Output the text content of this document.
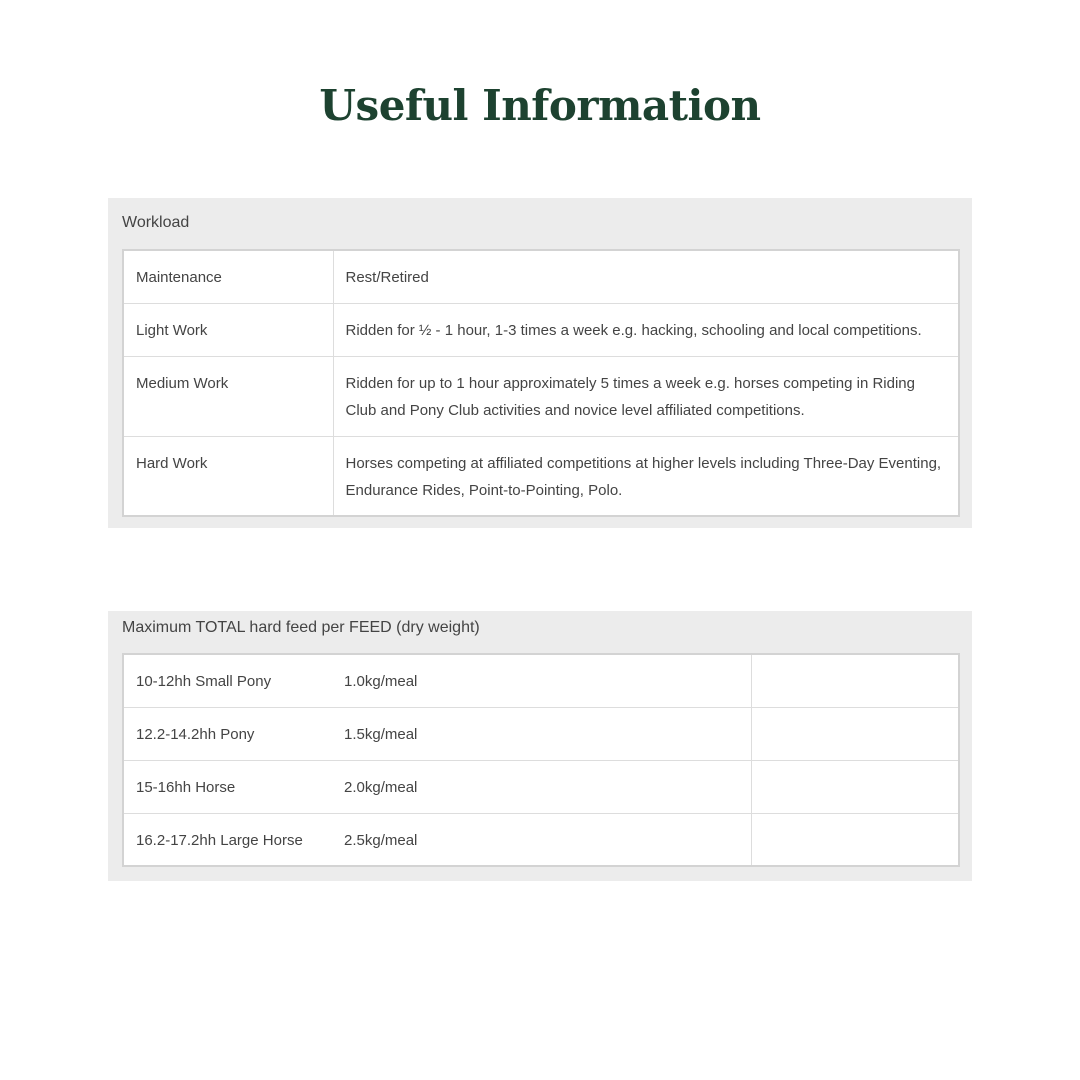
Useful Information
Workload
Maintenance	Rest/Retired
Light Work	Ridden for ½ - 1 hour, 1-3 times a week e.g. hacking, schooling and local competitions.
Medium Work	Ridden for up to 1 hour approximately 5 times a week e.g. horses competing in Riding Club and Pony Club activities and novice level affiliated competitions.
Hard Work	Horses competing at affiliated competitions at higher levels including Three-Day Eventing, Endurance Rides, Point-to-Pointing, Polo.
Maximum TOTAL hard feed per FEED (dry weight)
10-12hh Small Pony	1.0kg/meal	
12.2-14.2hh Pony	1.5kg/meal	
15-16hh Horse	2.0kg/meal	
16.2-17.2hh Large Horse	2.5kg/meal	
